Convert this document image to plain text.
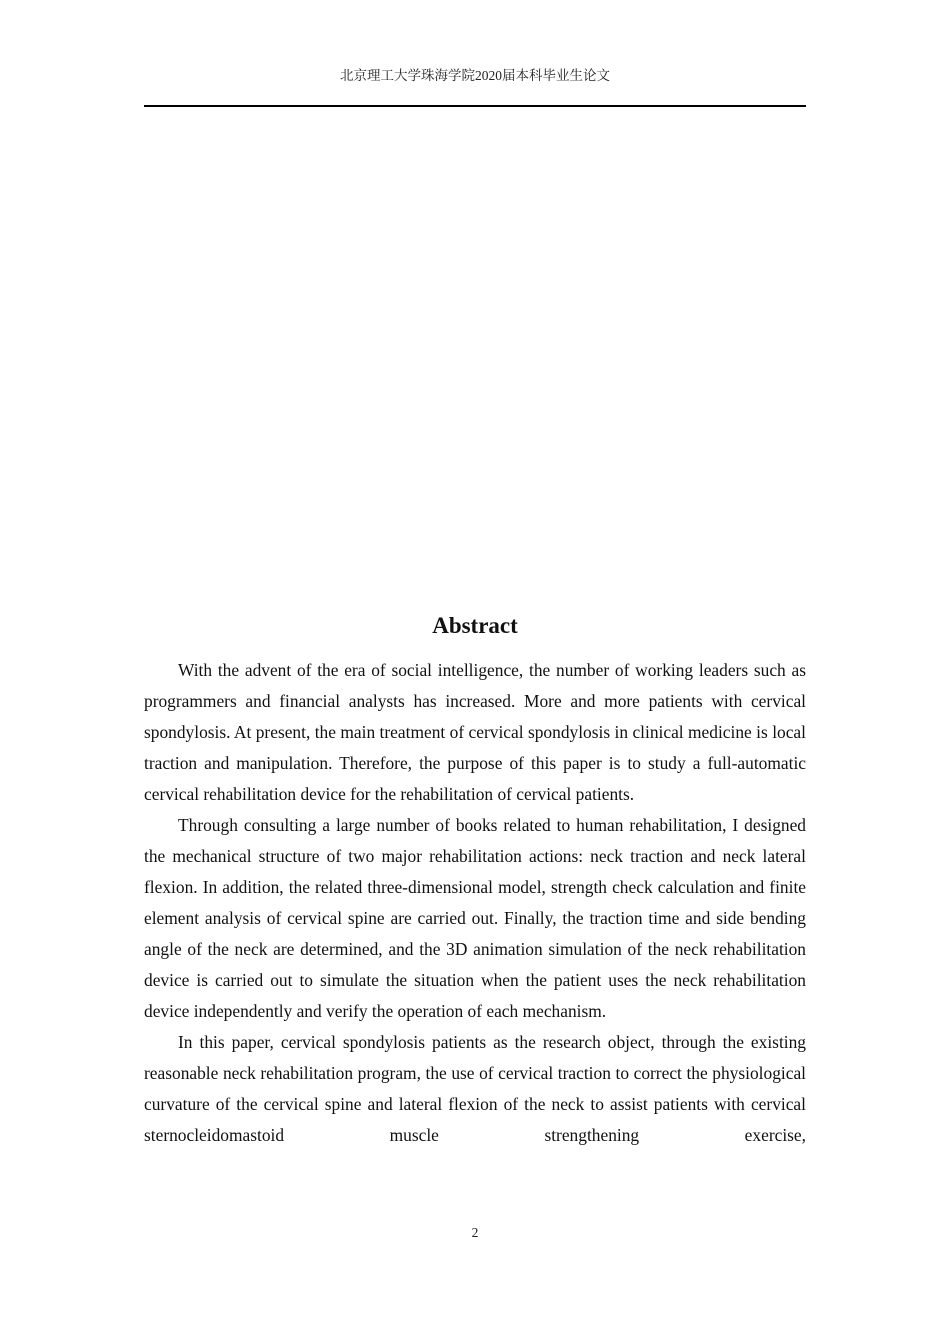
北京理工大学珠海学院2020届本科毕业生论文
Abstract

With the advent of the era of social intelligence, the number of working leaders such as programmers and financial analysts has increased. More and more patients with cervical spondylosis. At present, the main treatment of cervical spondylosis in clinical medicine is local traction and manipulation. Therefore, the purpose of this paper is to study a full-automatic cervical rehabilitation device for the rehabilitation of cervical patients.

Through consulting a large number of books related to human rehabilitation, I designed the mechanical structure of two major rehabilitation actions: neck traction and neck lateral flexion. In addition, the related three-dimensional model, strength check calculation and finite element analysis of cervical spine are carried out. Finally, the traction time and side bending angle of the neck are determined, and the 3D animation simulation of the neck rehabilitation device is carried out to simulate the situation when the patient uses the neck rehabilitation device independently and verify the operation of each mechanism.

In this paper, cervical spondylosis patients as the research object, through the existing reasonable neck rehabilitation program, the use of cervical traction to correct the physiological curvature of the cervical spine and lateral flexion of the neck to assist patients with cervical sternocleidomastoid muscle strengthening exercise,

2
